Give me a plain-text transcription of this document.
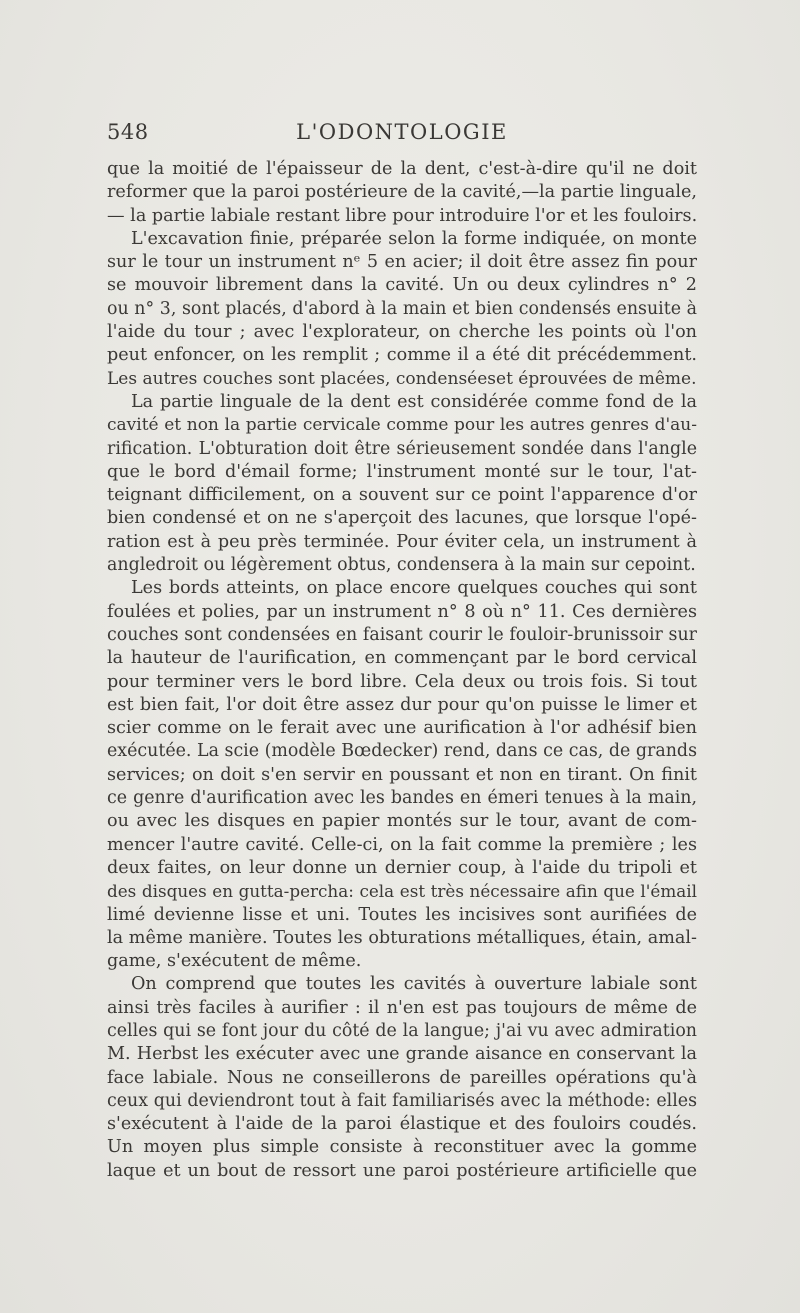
548	L'ODONTOLOGIE
que la moitié de l'épaisseur de la dent, c'est-à-dire qu'il ne doit
reformer que la paroi postérieure de la cavité,—la partie linguale,
— la partie labiale restant libre pour introduire l'or et les fouloirs.
L'excavation finie, préparée selon la forme indiquée, on monte
sur le tour un instrument nᵉ 5 en acier; il doit être assez fin pour
se mouvoir librement dans la cavité. Un ou deux cylindres n° 2
ou n° 3, sont placés, d'abord à la main et bien condensés ensuite à
l'aide du tour ; avec l'explorateur, on cherche les points où l'on
peut enfoncer, on les remplit ; comme il a été dit précédemment.
Les autres couches sont placées, condenséeset éprouvées de même.
La partie linguale de la dent est considérée comme fond de la
cavité et non la partie cervicale comme pour les autres genres d'au-
rification. L'obturation doit être sérieusement sondée dans l'angle
que le bord d'émail forme; l'instrument monté sur le tour, l'at-
teignant difficilement, on a souvent sur ce point l'apparence d'or
bien condensé et on ne s'aperçoit des lacunes, que lorsque l'opé-
ration est à peu près terminée. Pour éviter cela, un instrument à
angledroit ou légèrement obtus, condensera à la main sur cepoint.
Les bords atteints, on place encore quelques couches qui sont
foulées et polies, par un instrument n° 8 où n° 11. Ces dernières
couches sont condensées en faisant courir le fouloir-brunissoir sur
la hauteur de l'aurification, en commençant par le bord cervical
pour terminer vers le bord libre. Cela deux ou trois fois. Si tout
est bien fait, l'or doit être assez dur pour qu'on puisse le limer et
scier comme on le ferait avec une aurification à l'or adhésif bien
exécutée. La scie (modèle Bœdecker) rend, dans ce cas, de grands
services; on doit s'en servir en poussant et non en tirant. On finit
ce genre d'aurification avec les bandes en émeri tenues à la main,
ou avec les disques en papier montés sur le tour, avant de com-
mencer l'autre cavité. Celle-ci, on la fait comme la première ; les
deux faites, on leur donne un dernier coup, à l'aide du tripoli et
des disques en gutta-percha: cela est très nécessaire afin que l'émail
limé devienne lisse et uni. Toutes les incisives sont aurifiées de
la même manière. Toutes les obturations métalliques, étain, amal-
game, s'exécutent de même.
On comprend que toutes les cavités à ouverture labiale sont
ainsi très faciles à aurifier : il n'en est pas toujours de même de
celles qui se font jour du côté de la langue; j'ai vu avec admiration
M. Herbst les exécuter avec une grande aisance en conservant la
face labiale. Nous ne conseillerons de pareilles opérations qu'à
ceux qui deviendront tout à fait familiarisés avec la méthode: elles
s'exécutent à l'aide de la paroi élastique et des fouloirs coudés.
Un moyen plus simple consiste à reconstituer avec la gomme
laque et un bout de ressort une paroi postérieure artificielle que
